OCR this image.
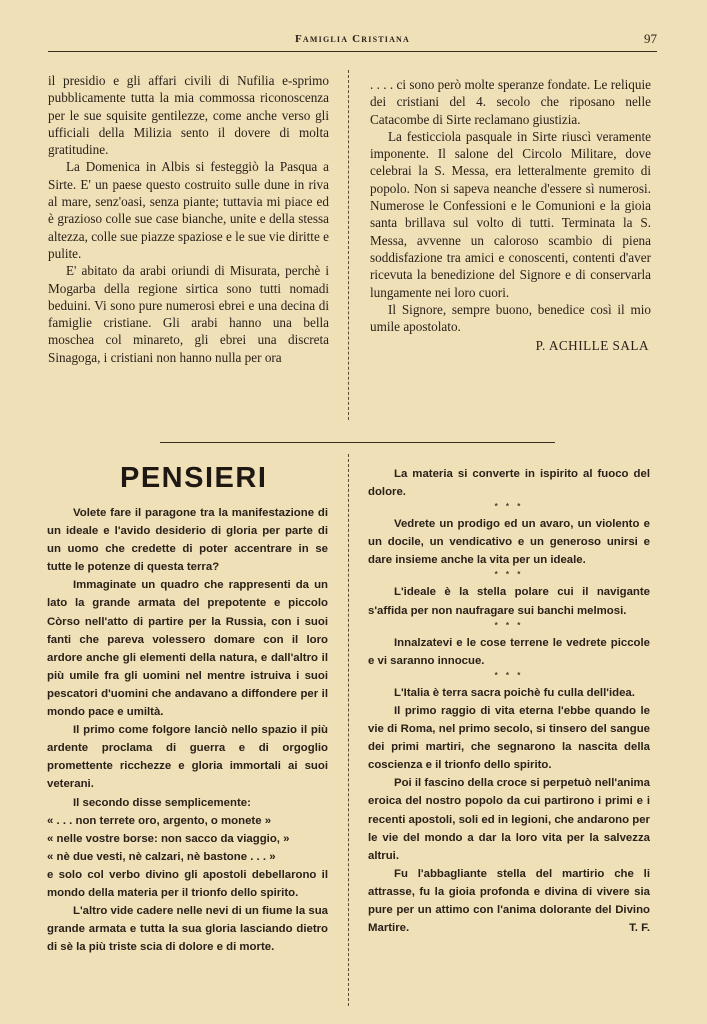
Famiglia Cristiana	97

il presidio e gli affari civili di Nufilia e-sprimo pubblicamente tutta la mia commossa riconoscenza per le sue squisite gentilezze, come anche verso gli ufficiali della Milizia sento il dovere di molta gratitudine.

La Domenica in Albis si festeggiò la Pasqua a Sirte. E' un paese questo costruito sulle dune in riva al mare, senz'oasi, senza piante; tuttavia mi piace ed è grazioso colle sue case bianche, unite e della stessa altezza, colle sue piazze spaziose e le sue vie diritte e pulite.

E' abitato da arabi oriundi di Misurata, perchè i Mogarba della regione sirtica sono tutti nomadi beduini. Vi sono pure numerosi ebrei e una decina di famiglie cristiane. Gli arabi hanno una bella moschea col minareto, gli ebrei una discreta Sinagoga, i cristiani non hanno nulla per ora

. . . . ci sono però molte speranze fondate. Le reliquie dei cristiani del 4. secolo che riposano nelle Catacombe di Sirte reclamano giustizia.

La festicciola pasquale in Sirte riuscì veramente imponente. Il salone del Circolo Militare, dove celebrai la S. Messa, era letteralmente gremito di popolo. Non si sapeva neanche d'essere sì numerosi. Numerose le Confessioni e le Comunioni e la gioia santa brillava sul volto di tutti. Terminata la S. Messa, avvenne un caloroso scambio di piena soddisfazione tra amici e conoscenti, contenti d'aver ricevuta la benedizione del Signore e di conservarla lungamente nei loro cuori.

Il Signore, sempre buono, benedice così il mio umile apostolato.

P. ACHILLE SALA

PENSIERI

Volete fare il paragone tra la manifestazione di un ideale e l'avido desiderio di gloria per parte di un uomo che credette di poter accentrare in se tutte le potenze di questa terra?

Immaginate un quadro che rappresenti da un lato la grande armata del prepotente e piccolo Còrso nell'atto di partire per la Russia, con i suoi fanti che pareva volessero domare con il loro ardore anche gli elementi della natura, e dall'altro il più umile fra gli uomini nel mentre istruiva i suoi pescatori d'uomini che andavano a diffondere per il mondo pace e umiltà.

Il primo come folgore lanciò nello spazio il più ardente proclama di guerra e di orgoglio promettente ricchezze e gloria immortali ai suoi veterani.

Il secondo disse semplicemente:

« . . . non terrete oro, argento, o monete »

« nelle vostre borse: non sacco da viaggio, »

« nè due vesti, nè calzari, nè bastone . . . »

e solo col verbo divino gli apostoli debellarono il mondo della materia per il trionfo dello spirito.

L'altro vide cadere nelle nevi di un fiume la sua grande armata e tutta la sua gloria lasciando dietro di sè la più triste scia di dolore e di morte.

La materia si converte in ispirito al fuoco del dolore.

* * *

Vedrete un prodigo ed un avaro, un violento e un docile, un vendicativo e un generoso unirsi e dare insieme anche la vita per un ideale.

* * *

L'ideale è la stella polare cui il navigante s'affida per non naufragare sui banchi melmosi.

* * *

Innalzatevi e le cose terrene le vedrete piccole e vi saranno innocue.

* * *

L'Italia è terra sacra poichè fu culla dell'idea.

Il primo raggio di vita eterna l'ebbe quando le vie di Roma, nel primo secolo, si tinsero del sangue dei primi martiri, che segnarono la nascita della coscienza e il trionfo dello spirito.

Poi il fascino della croce si perpetuò nell'anima eroica del nostro popolo da cui partirono i primi e i recenti apostoli, soli ed in legioni, che andarono per le vie del mondo a dar la loro vita per la salvezza altrui.

Fu l'abbagliante stella del martirio che li attrasse, fu la gioia profonda e divina di vivere sia pure per un attimo con l'anima dolorante del Divino Martire.	T. F.
